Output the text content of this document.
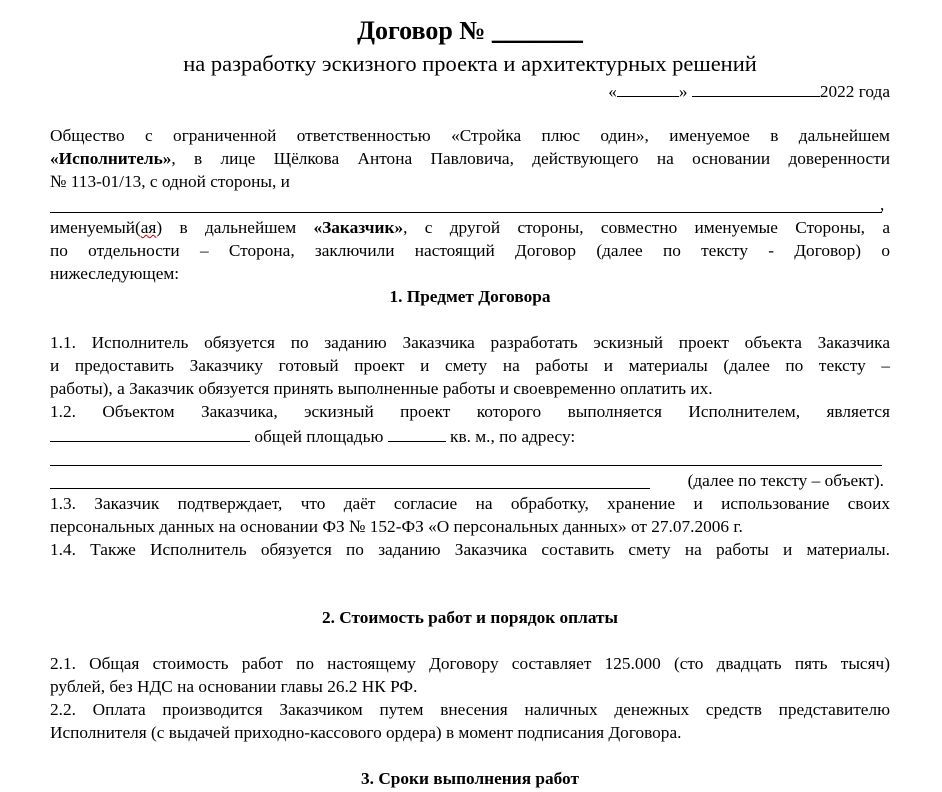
Договор № _______
на разработку эскизного проекта и архитектурных решений
«	»	2022 года
Общество с ограниченной ответственностью «Стройка плюс один», именуемое в дальнейшем
«Исполнитель», в лице Щёлкова Антона Павловича, действующего на основании доверенности
№ 113-01/13, с одной стороны, и
,
именуемый(ая) в дальнейшем «Заказчик», с другой стороны, совместно именуемые Стороны, а
по отдельности – Сторона, заключили настоящий Договор (далее по тексту - Договор) о
нижеследующем:
1. Предмет Договора
1.1. Исполнитель обязуется по заданию Заказчика разработать эскизный проект объекта Заказчика
и предоставить Заказчику готовый проект и смету на работы и материалы (далее по тексту –
работы), а Заказчик обязуется принять выполненные работы и своевременно оплатить их.
1.2. Объектом Заказчика, эскизный проект которого выполняется Исполнителем, является
общей площадью	кв. м., по адресу:
(далее по тексту – объект).
1.3. Заказчик подтверждает, что даёт согласие на обработку, хранение и использование своих
персональных данных на основании ФЗ № 152-ФЗ «О персональных данных» от 27.07.2006 г.
1.4. Также Исполнитель обязуется по заданию Заказчика составить смету на работы и материалы.
2. Стоимость работ и порядок оплаты
2.1. Общая стоимость работ по настоящему Договору составляет 125.000 (сто двадцать пять тысяч)
рублей, без НДС на основании главы 26.2 НК РФ.
2.2. Оплата производится Заказчиком путем внесения наличных денежных средств представителю
Исполнителя (с выдачей приходно-кассового ордера) в момент подписания Договора.
3. Сроки выполнения работ
